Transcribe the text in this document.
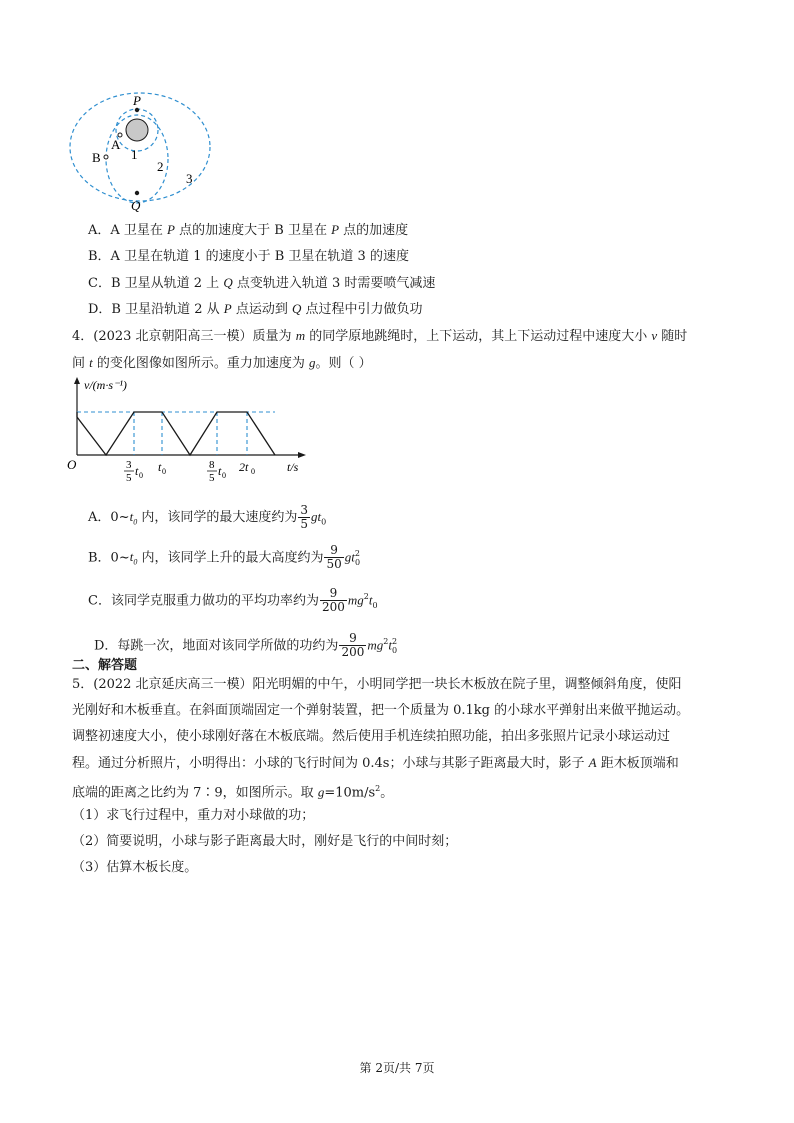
P
A
B 1
2
3
Q
A．A 卫星在 P 点的加速度大于 B 卫星在 P 点的加速度
B．A 卫星在轨道 1 的速度小于 B 卫星在轨道 3 的速度
C．B 卫星从轨道 2 上 Q 点变轨进入轨道 3 时需要喷气减速
D．B 卫星沿轨道 2 从 P 点运动到 Q 点过程中引力做负功
4．(2023 北京朝阳高三一模）质量为 m 的同学原地跳绳时，上下运动，其上下运动过程中速度大小 v 随时
间 t 的变化图像如图所示。重力加速度为 g。则（ ）
v/(m·s⁻¹)
t/s
O	3
5 t 0
t 0
8
5 t 0
2t 0
A．$0\sim t_0$ 内，该同学的最大速度约为 $\frac{3}{5} gt_0$
B．$0\sim t_0$ 内，该同学上升的最大高度约为 $\frac{9}{50} gt^2_0$
C．该同学克服重力做功的平均功率约为 $\frac{9}{200} mg^2t_0$
D．每跳一次，地面对该同学所做的功约为 $\frac{9}{200} mg^2t^2_0$
二、解答题
5．(2022 北京延庆高三一模）阳光明媚的中午，小明同学把一块长木板放在院子里，调整倾斜角度，使阳
光刚好和木板垂直。在斜面顶端固定一个弹射装置，把一个质量为 0.1kg 的小球水平弹射出来做平抛运动。
调整初速度大小，使小球刚好落在木板底端。然后使用手机连续拍照功能，拍出多张照片记录小球运动过
程。通过分析照片，小明得出：小球的飞行时间为 0.4s；小球与其影子距离最大时，影子 A 距木板顶端和
底端的距离之比约为 7∶9，如图所示。取 $g=10m/s^2$。
（1）求飞行过程中，重力对小球做的功；
（2）简要说明，小球与影子距离最大时，刚好是飞行的中间时刻；
（3）估算木板长度。
第 2页/共 7页
